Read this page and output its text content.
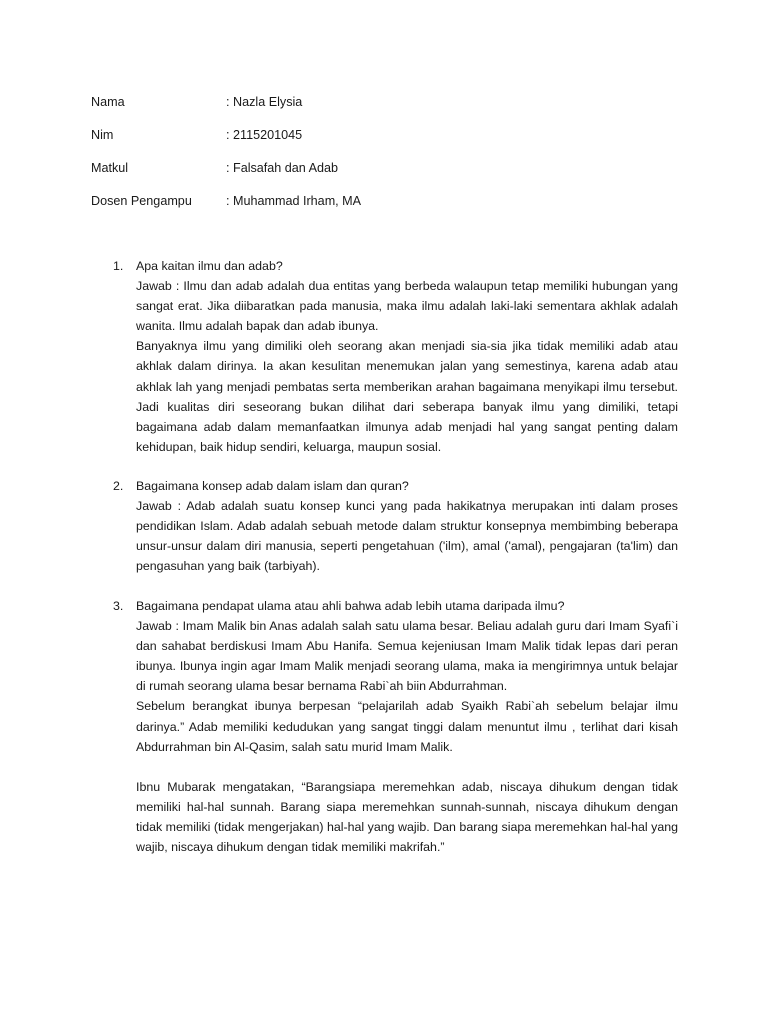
Nama	: Nazla Elysia
Nim	: 2115201045
Matkul	: Falsafah dan Adab
Dosen Pengampu	: Muhammad Irham, MA
1. Apa kaitan ilmu dan adab?
Jawab : Ilmu dan adab adalah dua entitas yang berbeda walaupun tetap memiliki hubungan yang sangat erat. Jika diibaratkan pada manusia, maka ilmu adalah laki-laki sementara akhlak adalah wanita. Ilmu adalah bapak dan adab ibunya.
Banyaknya ilmu yang dimiliki oleh seorang akan menjadi sia-sia jika tidak memiliki adab atau akhlak dalam dirinya. Ia akan kesulitan menemukan jalan yang semestinya, karena adab atau akhlak lah yang menjadi pembatas serta memberikan arahan bagaimana menyikapi ilmu tersebut. Jadi kualitas diri seseorang bukan dilihat dari seberapa banyak ilmu yang dimiliki, tetapi bagaimana adab dalam memanfaatkan ilmunya adab menjadi hal yang sangat penting dalam kehidupan, baik hidup sendiri, keluarga, maupun sosial.
2. Bagaimana konsep adab dalam islam dan quran?
Jawab : Adab adalah suatu konsep kunci yang pada hakikatnya merupakan inti dalam proses pendidikan Islam. Adab adalah sebuah metode dalam struktur konsepnya membimbing beberapa unsur-unsur dalam diri manusia, seperti pengetahuan ('ilm), amal ('amal), pengajaran (ta'lim) dan pengasuhan yang baik (tarbiyah).
3. Bagaimana pendapat ulama atau ahli bahwa adab lebih utama daripada ilmu?
Jawab : Imam Malik bin Anas adalah salah satu ulama besar. Beliau adalah guru dari Imam Syafi`i dan sahabat berdiskusi Imam Abu Hanifa. Semua kejeniusan Imam Malik tidak lepas dari peran ibunya. Ibunya ingin agar Imam Malik menjadi seorang ulama, maka ia mengirimnya untuk belajar di rumah seorang ulama besar bernama Rabi`ah biin Abdurrahman.
Sebelum berangkat ibunya berpesan “pelajarilah adab Syaikh Rabi`ah sebelum belajar ilmu darinya.” Adab memiliki kedudukan yang sangat tinggi dalam menuntut ilmu , terlihat dari kisah Abdurrahman bin Al-Qasim, salah satu murid Imam Malik.
Ibnu Mubarak mengatakan, “Barangsiapa meremehkan adab, niscaya dihukum dengan tidak memiliki hal-hal sunnah. Barang siapa meremehkan sunnah-sunnah, niscaya dihukum dengan tidak memiliki (tidak mengerjakan) hal-hal yang wajib. Dan barang siapa meremehkan hal-hal yang wajib, niscaya dihukum dengan tidak memiliki makrifah.”
